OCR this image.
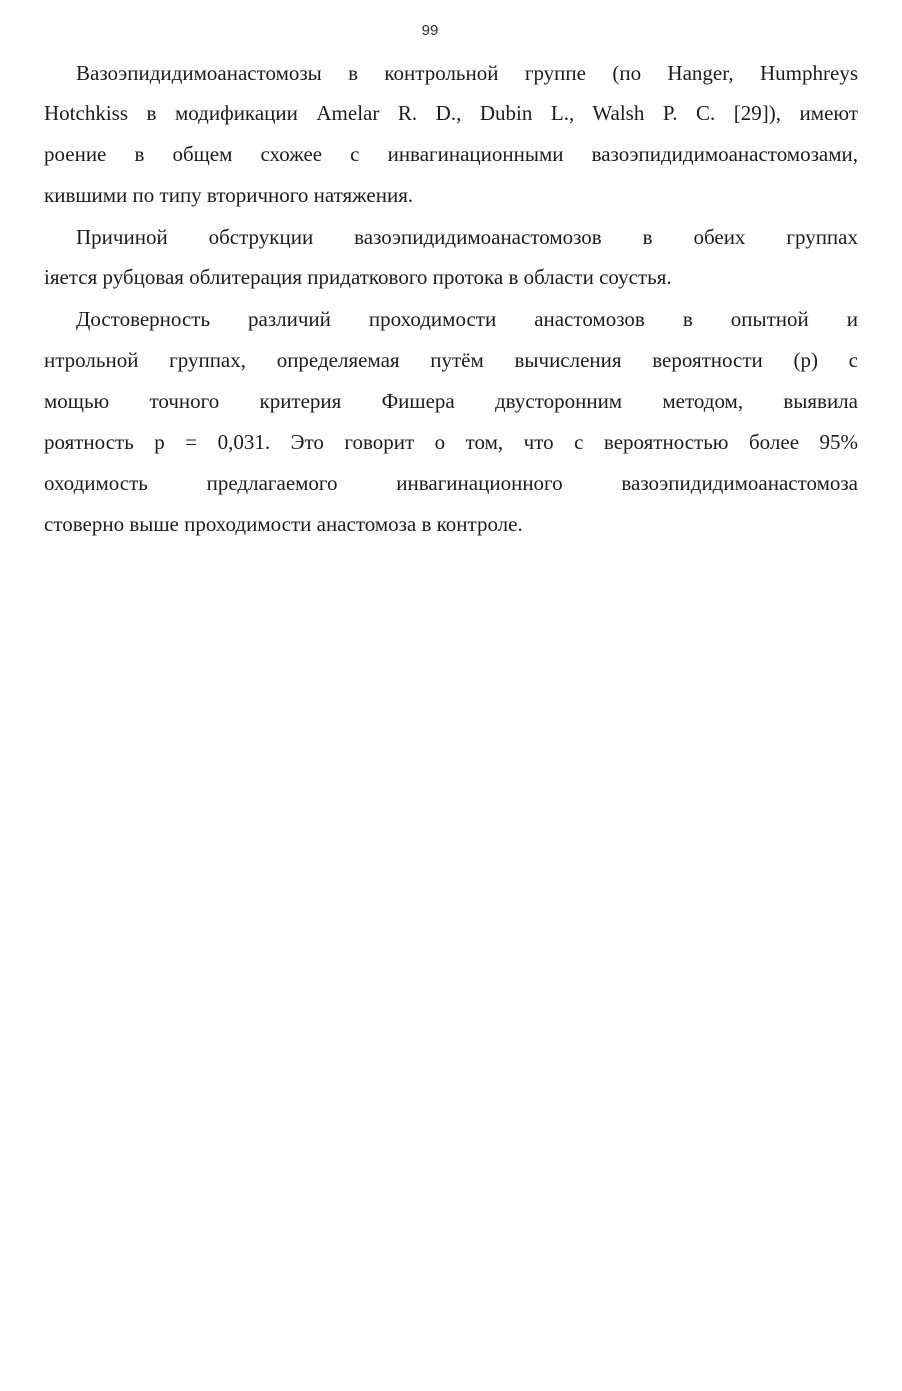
99
Вазоэпидидимоанастомозы в контрольной группе (по Hanger, Humphreys
Hotchkiss в модификации Amelar R. D., Dubin L., Walsh P. C. [29]), имеют
роение в общем схожее с инвагинационными вазоэпидидимоанастомозами,
кившими по типу вторичного натяжения.
Причиной обструкции вазоэпидидимоанастомозов в обеих группах
іяется рубцовая облитерация придаткового протока в области соустья.
Достоверность различий проходимости анастомозов в опытной и
нтрольной группах, определяемая путём вычисления вероятности (p) с
мощью точного критерия Фишера двусторонним методом, выявила
роятность p = 0,031. Это говорит о том, что с вероятностью более 95%
оходимость предлагаемого инвагинационного вазоэпидидимоанастомоза
стоверно выше проходимости анастомоза в контроле.
